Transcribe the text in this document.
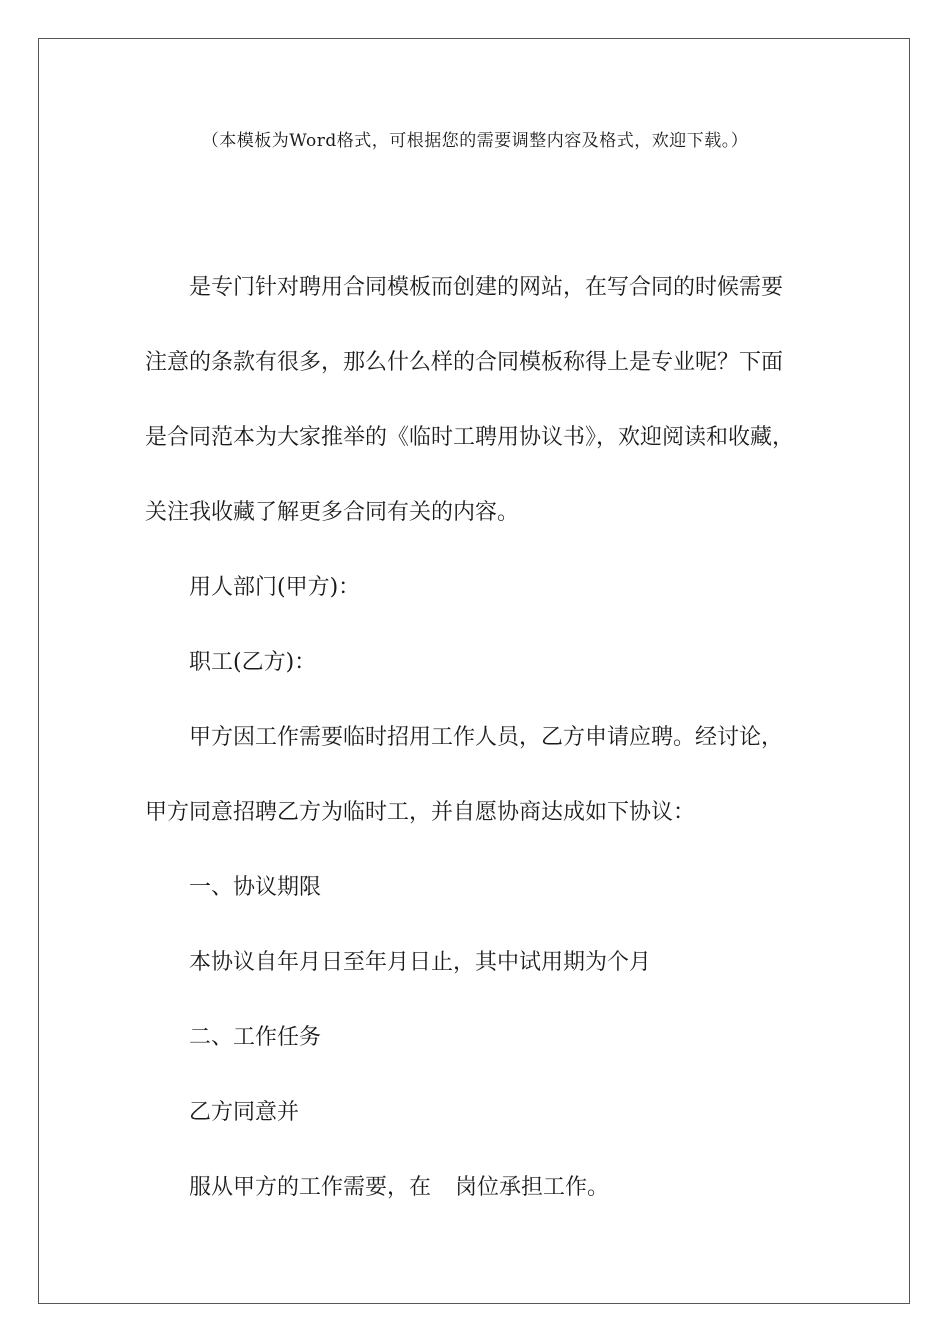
（本模板为Word格式，可根据您的需要调整内容及格式，欢迎下载。）
是专门针对聘用合同模板而创建的网站，在写合同的时候需要
注意的条款有很多，那么什么样的合同模板称得上是专业呢？下面
是合同范本为大家推举的《临时工聘用协议书》，欢迎阅读和收藏，
关注我收藏了解更多合同有关的内容。
用人部门(甲方)：
职工(乙方)：
甲方因工作需要临时招用工作人员，乙方申请应聘。经讨论，
甲方同意招聘乙方为临时工，并自愿协商达成如下协议：
一、协议期限
本协议自年月日至年月日止，其中试用期为个月
二、工作任务
乙方同意并
服从甲方的工作需要，在 岗位承担工作。
